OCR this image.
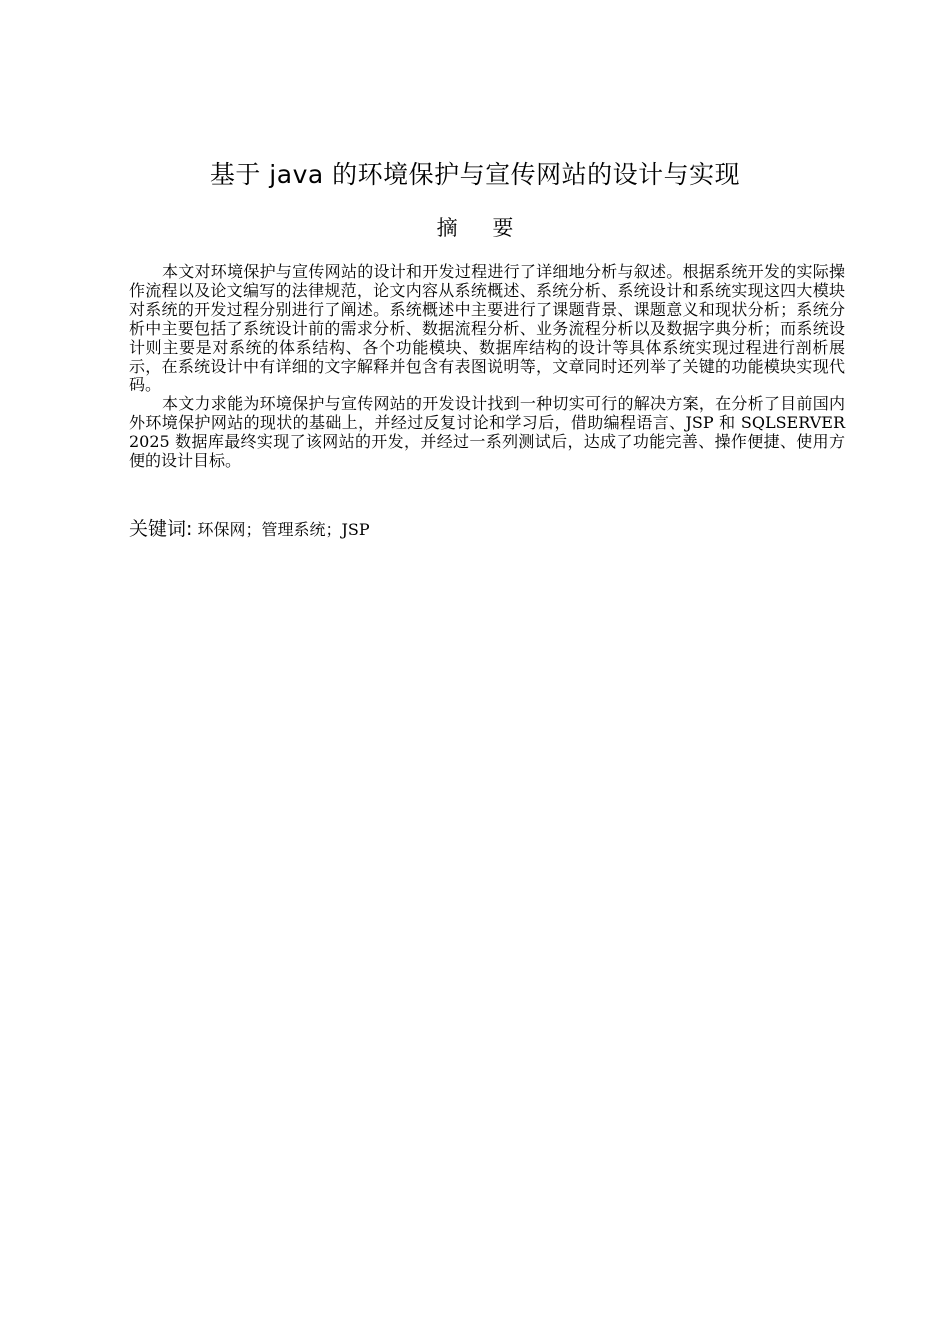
基于 java 的环境保护与宣传网站的设计与实现
摘 要

本文对环境保护与宣传网站的设计和开发过程进行了详细地分析与叙述。根据系统开发的实际操作流程以及论文编写的法律规范，论文内容从系统概述、系统分析、系统设计和系统实现这四大模块对系统的开发过程分别进行了阐述。系统概述中主要进行了课题背景、课题意义和现状分析；系统分析中主要包括了系统设计前的需求分析、数据流程分析、业务流程分析以及数据字典分析；而系统设计则主要是对系统的体系结构、各个功能模块、数据库结构的设计等具体系统实现过程进行剖析展示，在系统设计中有详细的文字解释并包含有表图说明等，文章同时还列举了关键的功能模块实现代码。

本文力求能为环境保护与宣传网站的开发设计找到一种切实可行的解决方案，在分析了目前国内外环境保护网站的现状的基础上，并经过反复讨论和学习后，借助编程语言、JSP 和 SQLSERVER 2025 数据库最终实现了该网站的开发，并经过一系列测试后，达成了功能完善、操作便捷、使用方便的设计目标。

关键词: 环保网；管理系统；JSP
